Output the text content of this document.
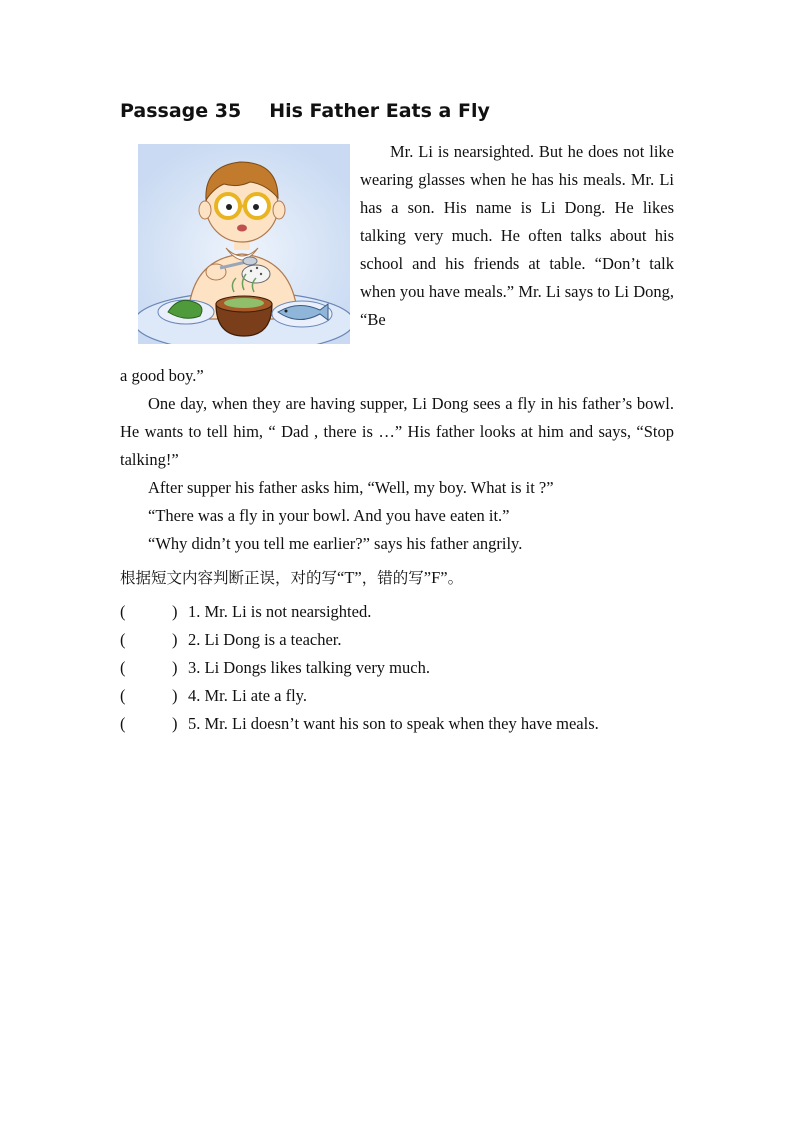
Passage 35 His Father Eats a Fly

Mr. Li is nearsighted. But he does not like wearing glasses when he has his meals. Mr. Li has a son. His name is Li Dong. He likes talking very much. He often talks about his school and his friends at table. “Don’t talk when you have meals.” Mr. Li says to Li Dong, “Be

a good boy.”

One day, when they are having supper, Li Dong sees a fly in his father’s bowl. He wants to tell him, “ Dad , there is …” His father looks at him and says, “Stop talking!”

After supper his father asks him, “Well, my boy. What is it ?”

“There was a fly in your bowl. And you have eaten it.”

“Why didn’t you tell me earlier?” says his father angrily.

根据短文内容判断正误，对的写“T”，错的写”F”。
(	) 1. Mr. Li is not nearsighted.
(	) 2. Li Dong is a teacher.
(	) 3. Li Dongs likes talking very much.
(	) 4. Mr. Li ate a fly.
(	) 5. Mr. Li doesn’t want his son to speak when they have meals.
